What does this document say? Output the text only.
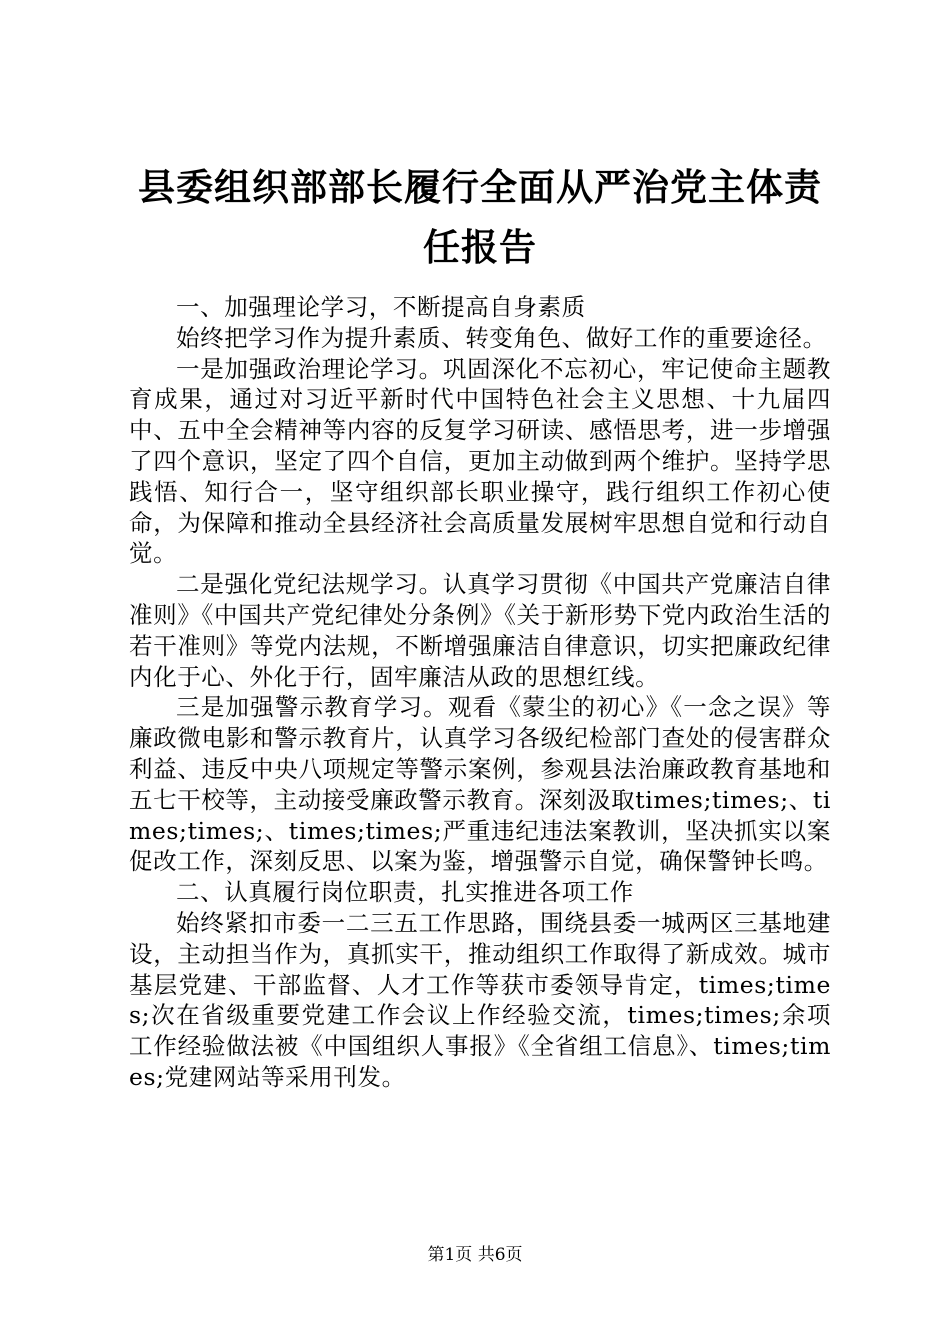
县委组织部部长履行全面从严治党主体责任报告

一、加强理论学习，不断提高自身素质

始终把学习作为提升素质、转变角色、做好工作的重要途径。

一是加强政治理论学习。巩固深化不忘初心，牢记使命主题教育成果，通过对习近平新时代中国特色社会主义思想、十九届四中、五中全会精神等内容的反复学习研读、感悟思考，进一步增强了四个意识，坚定了四个自信，更加主动做到两个维护。坚持学思践悟、知行合一，坚守组织部长职业操守，践行组织工作初心使命，为保障和推动全县经济社会高质量发展树牢思想自觉和行动自觉。

二是强化党纪法规学习。认真学习贯彻《中国共产党廉洁自律准则》《中国共产党纪律处分条例》《关于新形势下党内政治生活的若干准则》等党内法规，不断增强廉洁自律意识，切实把廉政纪律内化于心、外化于行，固牢廉洁从政的思想红线。

三是加强警示教育学习。观看《蒙尘的初心》《一念之误》等廉政微电影和警示教育片，认真学习各级纪检部门查处的侵害群众利益、违反中央八项规定等警示案例，参观县法治廉政教育基地和五七干校等，主动接受廉政警示教育。深刻汲取times;times;、times;times;、times;times;严重违纪违法案教训，坚决抓实以案促改工作，深刻反思、以案为鉴，增强警示自觉，确保警钟长鸣。

二、认真履行岗位职责，扎实推进各项工作

始终紧扣市委一二三五工作思路，围绕县委一城两区三基地建设，主动担当作为，真抓实干，推动组织工作取得了新成效。城市基层党建、干部监督、人才工作等获市委领导肯定，times;times;次在省级重要党建工作会议上作经验交流，times;times;余项工作经验做法被《中国组织人事报》《全省组工信息》、times;times;党建网站等采用刊发。

第1页 共6页
